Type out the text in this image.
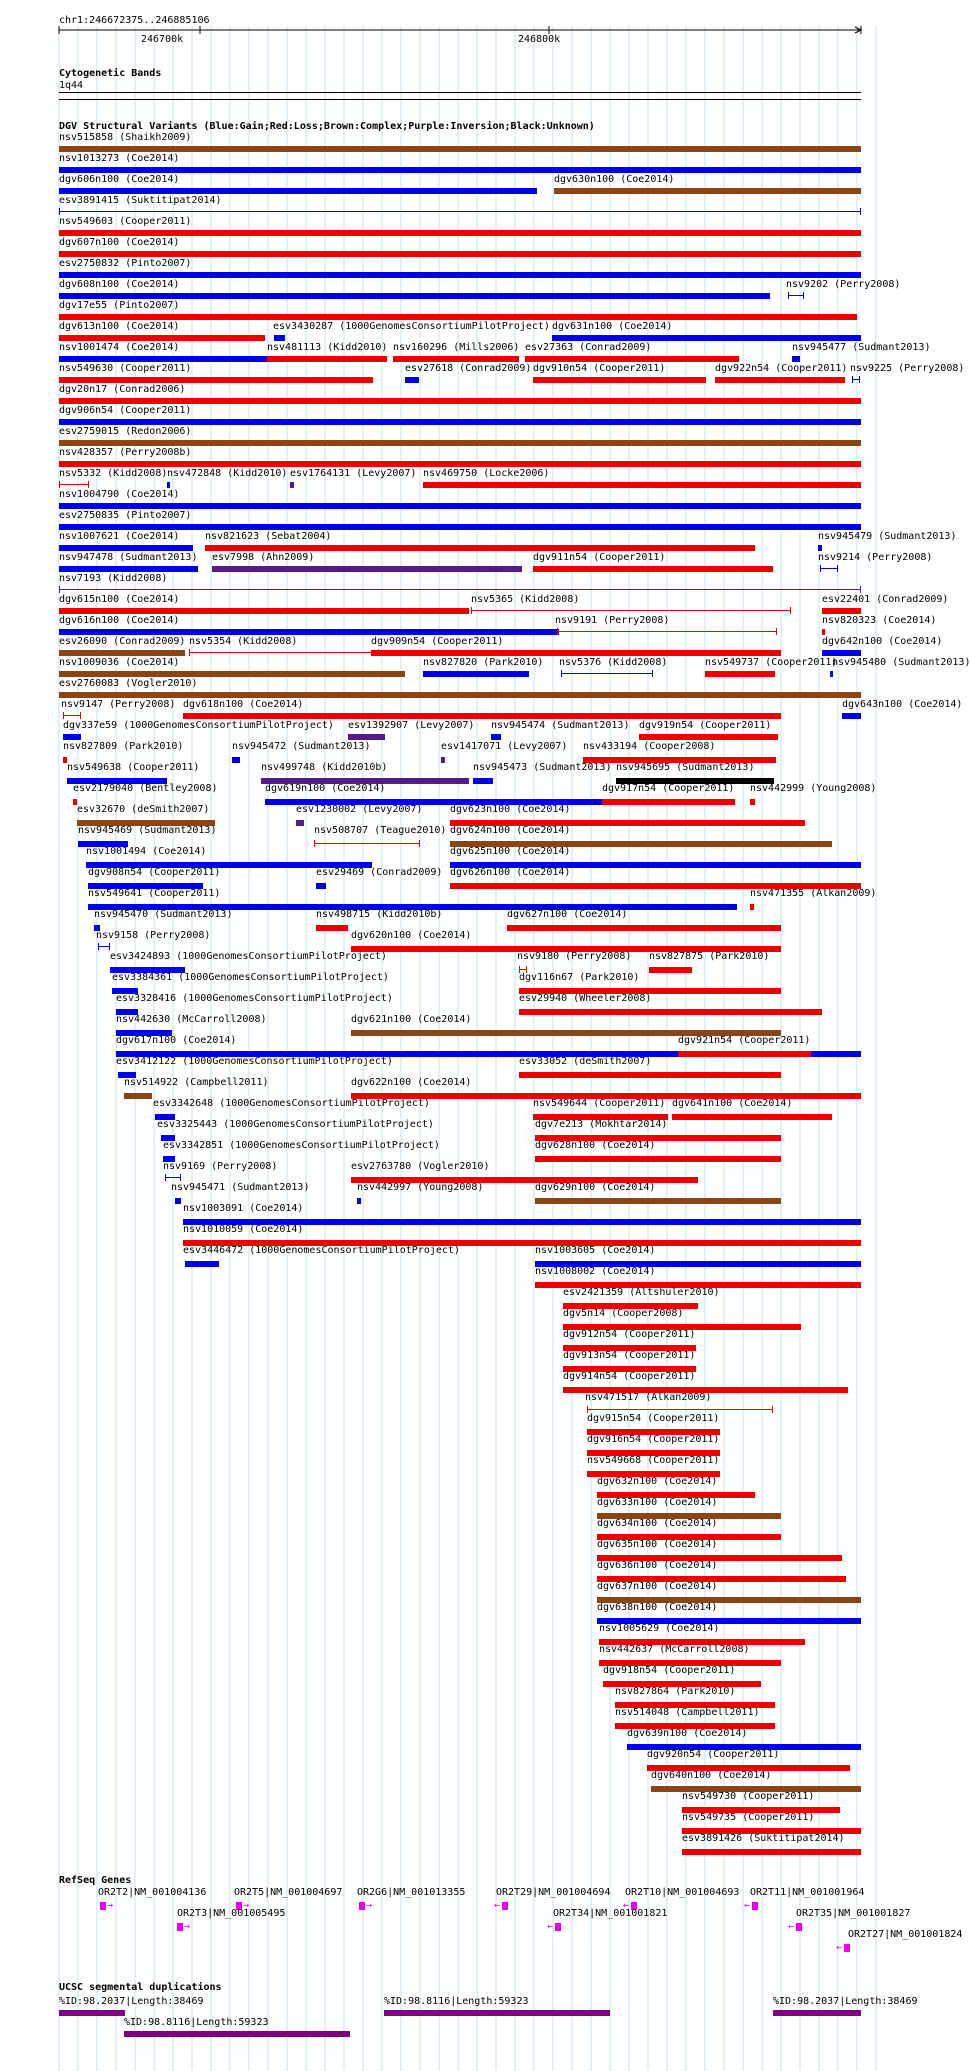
chr1:246672375..246885106
246700k	246800k
Cytogenetic Bands
1q44
DGV Structural Variants (Blue:Gain;Red:Loss;Brown:Complex;Purple:Inversion;Black:Unknown)
nsv515858 (Shaikh2009)
nsv1013273 (Coe2014)
dgv606n100 (Coe2014)	dgv630n100 (Coe2014)
esv3891415 (Suktitipat2014)
nsv549603 (Cooper2011)
dgv607n100 (Coe2014)
esv2750832 (Pinto2007)
dgv608n100 (Coe2014)	nsv9202 (Perry2008)
dgv17e55 (Pinto2007)
dgv613n100 (Coe2014)	esv3430287 (1000GenomesConsortiumPilotProject) dgv631n100 (Coe2014)
nsv1001474 (Coe2014)	nsv481113 (Kidd2010) nsv160296 (Mills2006) esv27363 (Conrad2009)	nsv945477 (Sudmant2013)
nsv549630 (Cooper2011)	esv27618 (Conrad2009) dgv910n54 (Cooper2011)	dgv922n54 (Cooper2011) nsv9225 (Perry2008)
dgv20n17 (Conrad2006)
dgv906n54 (Cooper2011)
esv2759015 (Redon2006)
nsv428357 (Perry2008b)
nsv5332 (Kidd2008) nsv472848 (Kidd2010) esv1764131 (Levy2007) nsv469750 (Locke2006)
nsv1004790 (Coe2014)
esv2750835 (Pinto2007)
nsv1007621 (Coe2014)	nsv821623 (Sebat2004)	nsv945479 (Sudmant2013)
nsv947478 (Sudmant2013) esv7998 (Ahn2009)	dgv911n54 (Cooper2011)	nsv9214 (Perry2008)
nsv7193 (Kidd2008)
dgv615n100 (Coe2014)	nsv5365 (Kidd2008)	esv22401 (Conrad2009)
dgv616n100 (Coe2014)	nsv9191 (Perry2008)	nsv820323 (Coe2014)
esv26090 (Conrad2009) nsv5354 (Kidd2008)	dgv909n54 (Cooper2011)	dgv642n100 (Coe2014)
nsv1009036 (Coe2014)	nsv827820 (Park2010) nsv5376 (Kidd2008)	nsv549737 (Cooper2011)
nsv945480 (Sudmant2013)
esv2760083 (Vogler2010)
nsv9147 (Perry2008) dgv618n100 (Coe2014)	dgv643n100 (Coe2014)
dgv337e59 (1000GenomesConsortiumPilotProject) esv1392907 (Levy2007) nsv945474 (Sudmant2013) dgv919n54 (Cooper2011)
nsv827809 (Park2010)	nsv945472 (Sudmant2013)	esv1417071 (Levy2007) nsv433194 (Cooper2008)
nsv549638 (Cooper2011)	nsv499748 (Kidd2010b)	nsv945473 (Sudmant2013) nsv945695 (Sudmant2013)
esv2179040 (Bentley2008)	dgv619n100 (Coe2014)	dgv917n54 (Cooper2011) nsv442999 (Young2008)
esv32670 (deSmith2007)	esv1230002 (Levy2007)	dgv623n100 (Coe2014)
nsv945469 (Sudmant2013)	nsv508707 (Teague2010) dgv624n100 (Coe2014)
nsv1001494 (Coe2014)	dgv625n100 (Coe2014)
dgv908n54 (Cooper2011)	esv29469 (Conrad2009) dgv626n100 (Coe2014)
nsv549641 (Cooper2011)	nsv471355 (Alkan2009)
nsv945470 (Sudmant2013)	nsv498715 (Kidd2010b)	dgv627n100 (Coe2014)
nsv9158 (Perry2008)	dgv620n100 (Coe2014)
esv3424893 (1000GenomesConsortiumPilotProject)	nsv9180 (Perry2008) nsv827875 (Park2010)
esv3384361 (1000GenomesConsortiumPilotProject)	dgv116n67 (Park2010)
esv3328416 (1000GenomesConsortiumPilotProject)	esv29940 (Wheeler2008)
nsv442630 (McCarroll2008)	dgv621n100 (Coe2014)
dgv617n100 (Coe2014)	dgv921n54 (Cooper2011)
esv3412122 (1000GenomesConsortiumPilotProject)	esv33052 (deSmith2007)
nsv514922 (Campbell2011)	dgv622n100 (Coe2014)
esv3342648 (1000GenomesConsortiumPilotProject)	nsv549644 (Cooper2011) dgv641n100 (Coe2014)
esv3325443 (1000GenomesConsortiumPilotProject)	dgv7e213 (Mokhtar2014)
esv3342851 (1000GenomesConsortiumPilotProject)	dgv628n100 (Coe2014)
nsv9169 (Perry2008)	esv2763780 (Vogler2010)
nsv945471 (Sudmant2013)	nsv442997 (Young2008)	dgv629n100 (Coe2014)
nsv1003091 (Coe2014)
nsv1010059 (Coe2014)
esv3446472 (1000GenomesConsortiumPilotProject)	nsv1003605 (Coe2014)
nsv1008002 (Coe2014)
esv2421359 (Altshuler2010)
dgv5n14 (Cooper2008)
dgv912n54 (Cooper2011)
dgv913n54 (Cooper2011)
dgv914n54 (Cooper2011)
nsv471517 (Alkan2009)
dgv915n54 (Cooper2011)
dgv916n54 (Cooper2011)
nsv549668 (Cooper2011)
dgv632n100 (Coe2014)
dgv633n100 (Coe2014)
dgv634n100 (Coe2014)
dgv635n100 (Coe2014)
dgv636n100 (Coe2014)
dgv637n100 (Coe2014)
dgv638n100 (Coe2014)
nsv1005629 (Coe2014)
nsv442637 (McCarroll2008)
dgv918n54 (Cooper2011)
nsv827864 (Park2010)
nsv514048 (Campbell2011)
dgv639n100 (Coe2014)
dgv920n54 (Cooper2011)
dgv640n100 (Coe2014)
nsv549730 (Cooper2011)
nsv549735 (Cooper2011)
esv3891426 (Suktitipat2014)
RefSeq Genes
OR2T2|NM_001004136
→
OR2T5|NM_001004697
→
OR2G6|NM_001013355
→
OR2T29|NM_001004694
←
OR2T10|NM_001004693
←
OR2T11|NM_001001964
←
OR2T3|NM_001005495
→
OR2T34|NM_001001821
←
OR2T35|NM_001001827
←
OR2T27|NM_001001824
←
UCSC segmental duplications
%ID:98.2037|Length:38469	%ID:98.8116|Length:59323	%ID:98.2037|Length:38469
%ID:98.8116|Length:59323
